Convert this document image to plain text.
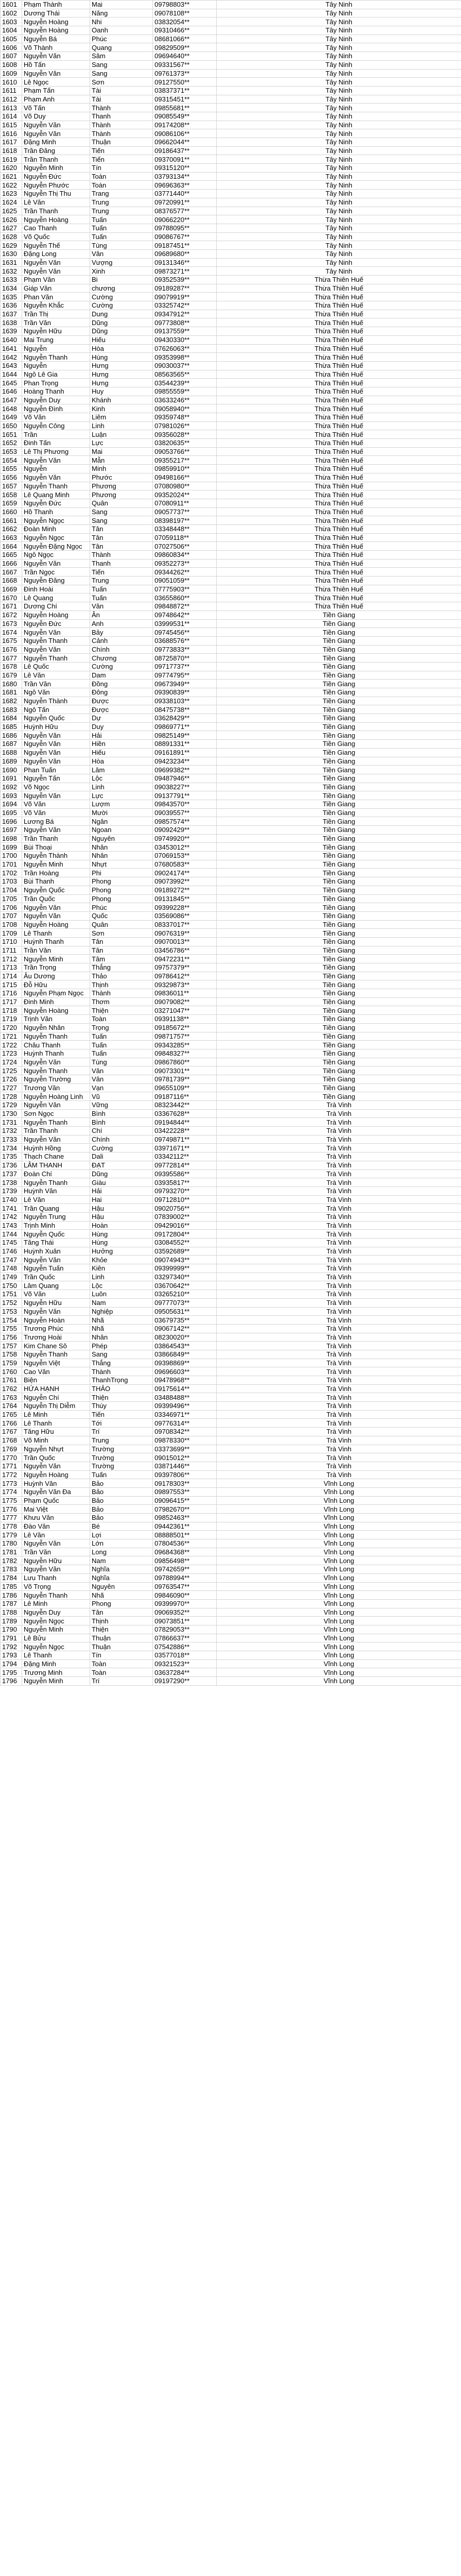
1601	Phạm Thành	Mai	09798803**	Tây Ninh
1602	Dương Thái	Năng	09078108**	Tây Ninh
1603	Nguyễn Hoàng	Nhi	03832054**	Tây Ninh
1604	Nguyễn Hoàng	Oanh	09310466**	Tây Ninh
1605	Nguyễn Bá	Phúc	08681066**	Tây Ninh
1606	Võ Thành	Quang	09829509**	Tây Ninh
1607	Nguyễn Văn	Sâm	09694640**	Tây Ninh
1608	Hồ Tấn	Sang	09331567**	Tây Ninh
1609	Nguyễn Văn	Sang	09761373**	Tây Ninh
1610	Lê Ngọc	Sơn	09127550**	Tây Ninh
1611	Phạm Tấn	Tài	03837371**	Tây Ninh
1612	Phạm Anh	Tài	09315451**	Tây Ninh
1613	Võ Tấn	Thành	09855681**	Tây Ninh
1614	Võ Duy	Thanh	09085549**	Tây Ninh
1615	Nguyễn Văn	Thành	09174208**	Tây Ninh
1616	Nguyễn Văn	Thành	09086106**	Tây Ninh
1617	Đặng Minh	Thuận	09662044**	Tây Ninh
1618	Trần Đăng	Tiến	09186437**	Tây Ninh
1619	Trần Thanh	Tiến	09370091**	Tây Ninh
1620	Nguyễn Minh	Tín	09315120**	Tây Ninh
1621	Nguyễn Đức	Toàn	03793134**	Tây Ninh
1622	Nguyễn Phước	Toàn	09696363**	Tây Ninh
1623	Nguyễn Thị Thu	Trang	03771440**	Tây Ninh
1624	Lê Văn	Trung	09720991**	Tây Ninh
1625	Trần Thanh	Trung	08376577**	Tây Ninh
1626	Nguyễn Hoàng	Tuấn	09066220**	Tây Ninh
1627	Cao Thanh	Tuấn	09788095**	Tây Ninh
1628	Võ Quốc	Tuấn	09086767**	Tây Ninh
1629	Nguyễn Thế	Tùng	09187451**	Tây Ninh
1630	Đặng Long	Vân	09689680**	Tây Ninh
1631	Nguyễn Văn	Vượng	09131346**	Tây Ninh
1632	Nguyễn Văn	Xinh	09873271**	Tây Ninh
1633	Phạm Văn	Bi	09352539**	Thừa Thiên Huế
1634	Giáp Văn	chương	09189287**	Thừa Thiên Huế
1635	Phan Văn	Cường	09079919**	Thừa Thiên Huế
1636	Nguyễn Khắc	Cường	03325742**	Thừa Thiên Huế
1637	Trần Thị	Dung	09347912**	Thừa Thiên Huế
1638	Trần Văn	Dũng	09773808**	Thừa Thiên Huế
1639	Nguyễn Hữu	Dũng	09137559**	Thừa Thiên Huế
1640	Mai Trung	Hiếu	09430330**	Thừa Thiên Huế
1641	Nguyễn	Hòa	07626063**	Thừa Thiên Huế
1642	Nguyễn Thanh	Hùng	09353998**	Thừa Thiên Huế
1643	Nguyễn	Hưng	09030037**	Thừa Thiên Huế
1644	Ngô Lê Gia	Hưng	08563565**	Thừa Thiên Huế
1645	Phan Trọng	Hưng	03544239**	Thừa Thiên Huế
1646	Hoàng Thanh	Huy	09855559**	Thừa Thiên Huế
1647	Nguyễn Duy	Khánh	03633246**	Thừa Thiên Huế
1648	Nguyễn Đình	Kinh	09058940**	Thừa Thiên Huế
1649	Võ Văn	Liêm	09359748**	Thừa Thiên Huế
1650	Nguyễn Công	Linh	07981026**	Thừa Thiên Huế
1651	Trần	Luận	09356028**	Thừa Thiên Huế
1652	Đinh Tấn	Lực	03820635**	Thừa Thiên Huế
1653	Lê Thị Phương	Mai	09053766**	Thừa Thiên Huế
1654	Nguyễn Văn	Mẫn	09355217**	Thừa Thiên Huế
1655	Nguyễn	Minh	09859910**	Thừa Thiên Huế
1656	Nguyễn Văn	Phước	09498166**	Thừa Thiên Huế
1657	Nguyễn Thanh	Phương	07080980**	Thừa Thiên Huế
1658	Lê Quang Minh	Phương	09352024**	Thừa Thiên Huế
1659	Nguyễn Đức	Quân	07080911**	Thừa Thiên Huế
1660	Hồ Thanh	Sang	09057737**	Thừa Thiên Huế
1661	Nguyễn Ngọc	Sang	08398197**	Thừa Thiên Huế
1662	Đoàn Minh	Tân	03348448**	Thừa Thiên Huế
1663	Nguyễn Ngọc	Tân	07059118**	Thừa Thiên Huế
1664	Nguyễn Đặng Ngọc	Tân	07027506**	Thừa Thiên Huế
1665	Ngô Ngọc	Thành	09860834**	Thừa Thiên Huế
1666	Nguyễn Văn	Thanh	09352273**	Thừa Thiên Huế
1667	Trần Ngọc	Tiến	09344262**	Thừa Thiên Huế
1668	Nguyễn Đăng	Trung	09051059**	Thừa Thiên Huế
1669	Đinh Hoài	Tuấn	07775903**	Thừa Thiên Huế
1670	Lê Quang	Tuấn	03655860**	Thừa Thiên Huế
1671	Dương Chí	Vân	09848872**	Thừa Thiên Huế
1672	Nguyễn Hoàng	Ân	09748642**	Tiền Giang
1673	Nguyễn Đức	Anh	03999531**	Tiền Giang
1674	Nguyễn Văn	Bảy	09745456**	Tiền Giang
1675	Nguyễn Thanh	Cảnh	03688576**	Tiền Giang
1676	Nguyễn Văn	Chính	09773833**	Tiền Giang
1677	Nguyễn Thanh	Chương	08725870**	Tiền Giang
1678	Lê Quốc	Cường	09717737**	Tiền Giang
1679	Lê Văn	Dam	09774795**	Tiền Giang
1680	Trần Văn	Đồng	09673949**	Tiền Giang
1681	Ngô Văn	Đông	09390839**	Tiền Giang
1682	Nguyễn Thành	Được	09338103**	Tiền Giang
1683	Ngô Tấn	Được	08475738**	Tiền Giang
1684	Nguyễn Quốc	Dự	03628429**	Tiền Giang
1685	Huỳnh Hữu	Duy	09869771**	Tiền Giang
1686	Nguyễn Văn	Hải	09825149**	Tiền Giang
1687	Nguyễn Văn	Hiền	08891331**	Tiền Giang
1688	Nguyễn Văn	Hiếu	09161891**	Tiền Giang
1689	Nguyễn Văn	Hòa	09423234**	Tiền Giang
1690	Phan Tuấn	Lâm	09699382**	Tiền Giang
1691	Nguyễn Tấn	Lộc	09487946**	Tiền Giang
1692	Võ Ngọc	Linh	09038227**	Tiền Giang
1693	Nguyễn Văn	Lực	09137791**	Tiền Giang
1694	Võ Văn	Lượm	09843570**	Tiền Giang
1695	Võ Văn	Mười	09039557**	Tiền Giang
1696	Lương Bá	Ngân	09857574**	Tiền Giang
1697	Nguyễn Văn	Ngoan	09092429**	Tiền Giang
1698	Trần Thanh	Nguyên	09749920**	Tiền Giang
1699	Bùi Thoại	Nhân	03453012**	Tiền Giang
1700	Nguyễn Thành	Nhân	07069153**	Tiền Giang
1701	Nguyễn Minh	Nhựt	07680583**	Tiền Giang
1702	Trần Hoàng	Phi	09024174**	Tiền Giang
1703	Bùi Thanh	Phong	09073992**	Tiền Giang
1704	Nguyễn Quốc	Phong	09189272**	Tiền Giang
1705	Trần Quốc	Phong	09131845**	Tiền Giang
1706	Nguyễn Văn	Phúc	09399228**	Tiền Giang
1707	Nguyễn Văn	Quốc	03569086**	Tiền Giang
1708	Nguyễn Hoàng	Quân	08337017**	Tiền Giang
1709	Lê Thanh	Sơn	09076319**	Tiền Giang
1710	Huỳnh Thanh	Tân	09070013**	Tiền Giang
1711	Trần Văn	Tân	03456786**	Tiền Giang
1712	Nguyễn Minh	Tâm	09472231**	Tiền Giang
1713	Trần Trọng	Thắng	09757379**	Tiền Giang
1714	Âu Dương	Thảo	09786412**	Tiền Giang
1715	Đỗ Hữu	Thịnh	09329873**	Tiền Giang
1716	Nguyễn Phạm Ngọc	Thành	09836011**	Tiền Giang
1717	Đinh Minh	Thơm	09079082**	Tiền Giang
1718	Nguyễn Hoàng	Thiện	03271047**	Tiền Giang
1719	Trịnh Văn	Toàn	09391138**	Tiền Giang
1720	Nguyễn Nhân	Trọng	09185672**	Tiền Giang
1721	Nguyễn Thanh	Tuấn	09871757**	Tiền Giang
1722	Châu Thanh	Tuấn	09343285**	Tiền Giang
1723	Huỳnh Thanh	Tuấn	09848327**	Tiền Giang
1724	Nguyễn Văn	Tùng	09867860**	Tiền Giang
1725	Nguyễn Thanh	Vân	09073301**	Tiền Giang
1726	Nguyễn Trường	Vân	09781739**	Tiền Giang
1727	Trương Văn	Vạn	09655109**	Tiền Giang
1728	Nguyễn Hoàng Linh	Vũ	09187116**	Tiền Giang
1729	Nguyễn Văn	Vững	08323442**	Trà Vinh
1730	Sơn Ngọc	Bình	03367628**	Trà Vinh
1731	Nguyễn Thanh	Bình	09194844**	Trà Vinh
1732	Trần Thanh	Chí	03422228**	Trà Vinh
1733	Nguyễn Văn	Chính	09749871**	Trà Vinh
1734	Huỳnh Hồng	Cường	03971671**	Trà Vinh
1735	Thạch Chane	Dali	03342112**	Trà Vinh
1736	LÂM THANH	ĐẠT	09772814**	Trà Vinh
1737	Đoàn Chí	Dũng	09395586**	Trà Vinh
1738	Nguyễn Thanh	Giàu	03935817**	Trà Vinh
1739	Huỳnh Văn	Hải	09793270**	Trà Vinh
1740	Lê Văn	Hai	09712810**	Trà Vinh
1741	Trần Quang	Hậu	09020756**	Trà Vinh
1742	Nguyễn Trung	Hậu	07839002**	Trà Vinh
1743	Trịnh Minh	Hoàn	09429016**	Trà Vinh
1744	Nguyễn Quốc	Hùng	09172804**	Trà Vinh
1745	Tăng Thái	Hùng	03084552**	Trà Vinh
1746	Huỳnh Xuân	Hưởng	03592689**	Trà Vinh
1747	Nguyễn Văn	Khỏe	09074943**	Trà Vinh
1748	Nguyễn Tuấn	Kiên	09399999**	Trà Vinh
1749	Trần Quốc	Linh	03297340**	Trà Vinh
1750	Lâm Quang	Lộc	03670642**	Trà Vinh
1751	Võ Văn	Luôn	03265210**	Trà Vinh
1752	Nguyễn Hữu	Nam	09777073**	Trà Vinh
1753	Nguyễn Văn	Nghiệp	09505631**	Trà Vinh
1754	Nguyễn Hoàn	Nhã	03679735**	Trà Vinh
1755	Trương Phúc	Nhã	09067142**	Trà Vinh
1756	Trương Hoài	Nhân	08230020**	Trà Vinh
1757	Kim Chane Sô	Phép	03864543**	Trà Vinh
1758	Nguyễn Thanh	Sang	03866849**	Trà Vinh
1759	Nguyễn Việt	Thắng	09398869**	Trà Vinh
1760	Cao Văn	Thành	09696603**	Trà Vinh
1761	Biện	ThanhTrọng	09478968**	Trà Vinh
1762	HỨA HẠNH	THẢO	09175614**	Trà Vinh
1763	Nguyễn Chí	Thiện	03488488**	Trà Vinh
1764	Nguyễn Thị Diễm	Thúy	09399496**	Trà Vinh
1765	Lê Minh	Tiến	03346971**	Trà Vinh
1766	Lê Thanh	Tới	09776314**	Trà Vinh
1767	Tăng Hữu	Trí	09708342**	Trà Vinh
1768	Võ Minh	Trung	09878330**	Trà Vinh
1769	Nguyễn Nhựt	Trường	03373699**	Trà Vinh
1770	Trần Quốc	Trường	09015012**	Trà Vinh
1771	Nguyễn Văn	Trường	03871446**	Trà Vinh
1772	Nguyễn Hoàng	Tuấn	09397806**	Trà Vinh
1773	Huỳnh Văn	Bảo	09178303**	Vĩnh Long
1774	Nguyễn Văn Đa	Bảo	09897553**	Vĩnh Long
1775	Phạm Quốc	Bảo	09096415**	Vĩnh Long
1776	Mai Việt	Bảo	07982670**	Vĩnh Long
1777	Khưu Văn	Bảo	09852463**	Vĩnh Long
1778	Đào Văn	Bé	09442361**	Vĩnh Long
1779	Lê Văn	Lợi	08888501**	Vĩnh Long
1780	Nguyễn Văn	Lớn	07804536**	Vĩnh Long
1781	Trần Văn	Long	09684368**	Vĩnh Long
1782	Nguyễn Hữu	Nam	09856498**	Vĩnh Long
1783	Nguyễn Văn	Nghĩa	09742659**	Vĩnh Long
1784	Lưu Thanh	Nghĩa	09788994**	Vĩnh Long
1785	Võ Trọng	Nguyên	09763547**	Vĩnh Long
1786	Nguyễn Thanh	Nhã	09846090**	Vĩnh Long
1787	Lê Minh	Phong	09399970**	Vĩnh Long
1788	Nguyễn Duy	Tân	09069352**	Vĩnh Long
1789	Nguyễn Ngọc	Thịnh	09073851**	Vĩnh Long
1790	Nguyễn Minh	Thiện	07829053**	Vĩnh Long
1791	Lê Bửu	Thuận	07866637**	Vĩnh Long
1792	Nguyễn Ngọc	Thuận	07542886**	Vĩnh Long
1793	Lê Thanh	Tín	03577018**	Vĩnh Long
1794	Đặng Minh	Toàn	09321523**	Vĩnh Long
1795	Trương Minh	Toàn	03637284**	Vĩnh Long
1796	Nguyễn Minh	Trí	09197290**	Vĩnh Long
